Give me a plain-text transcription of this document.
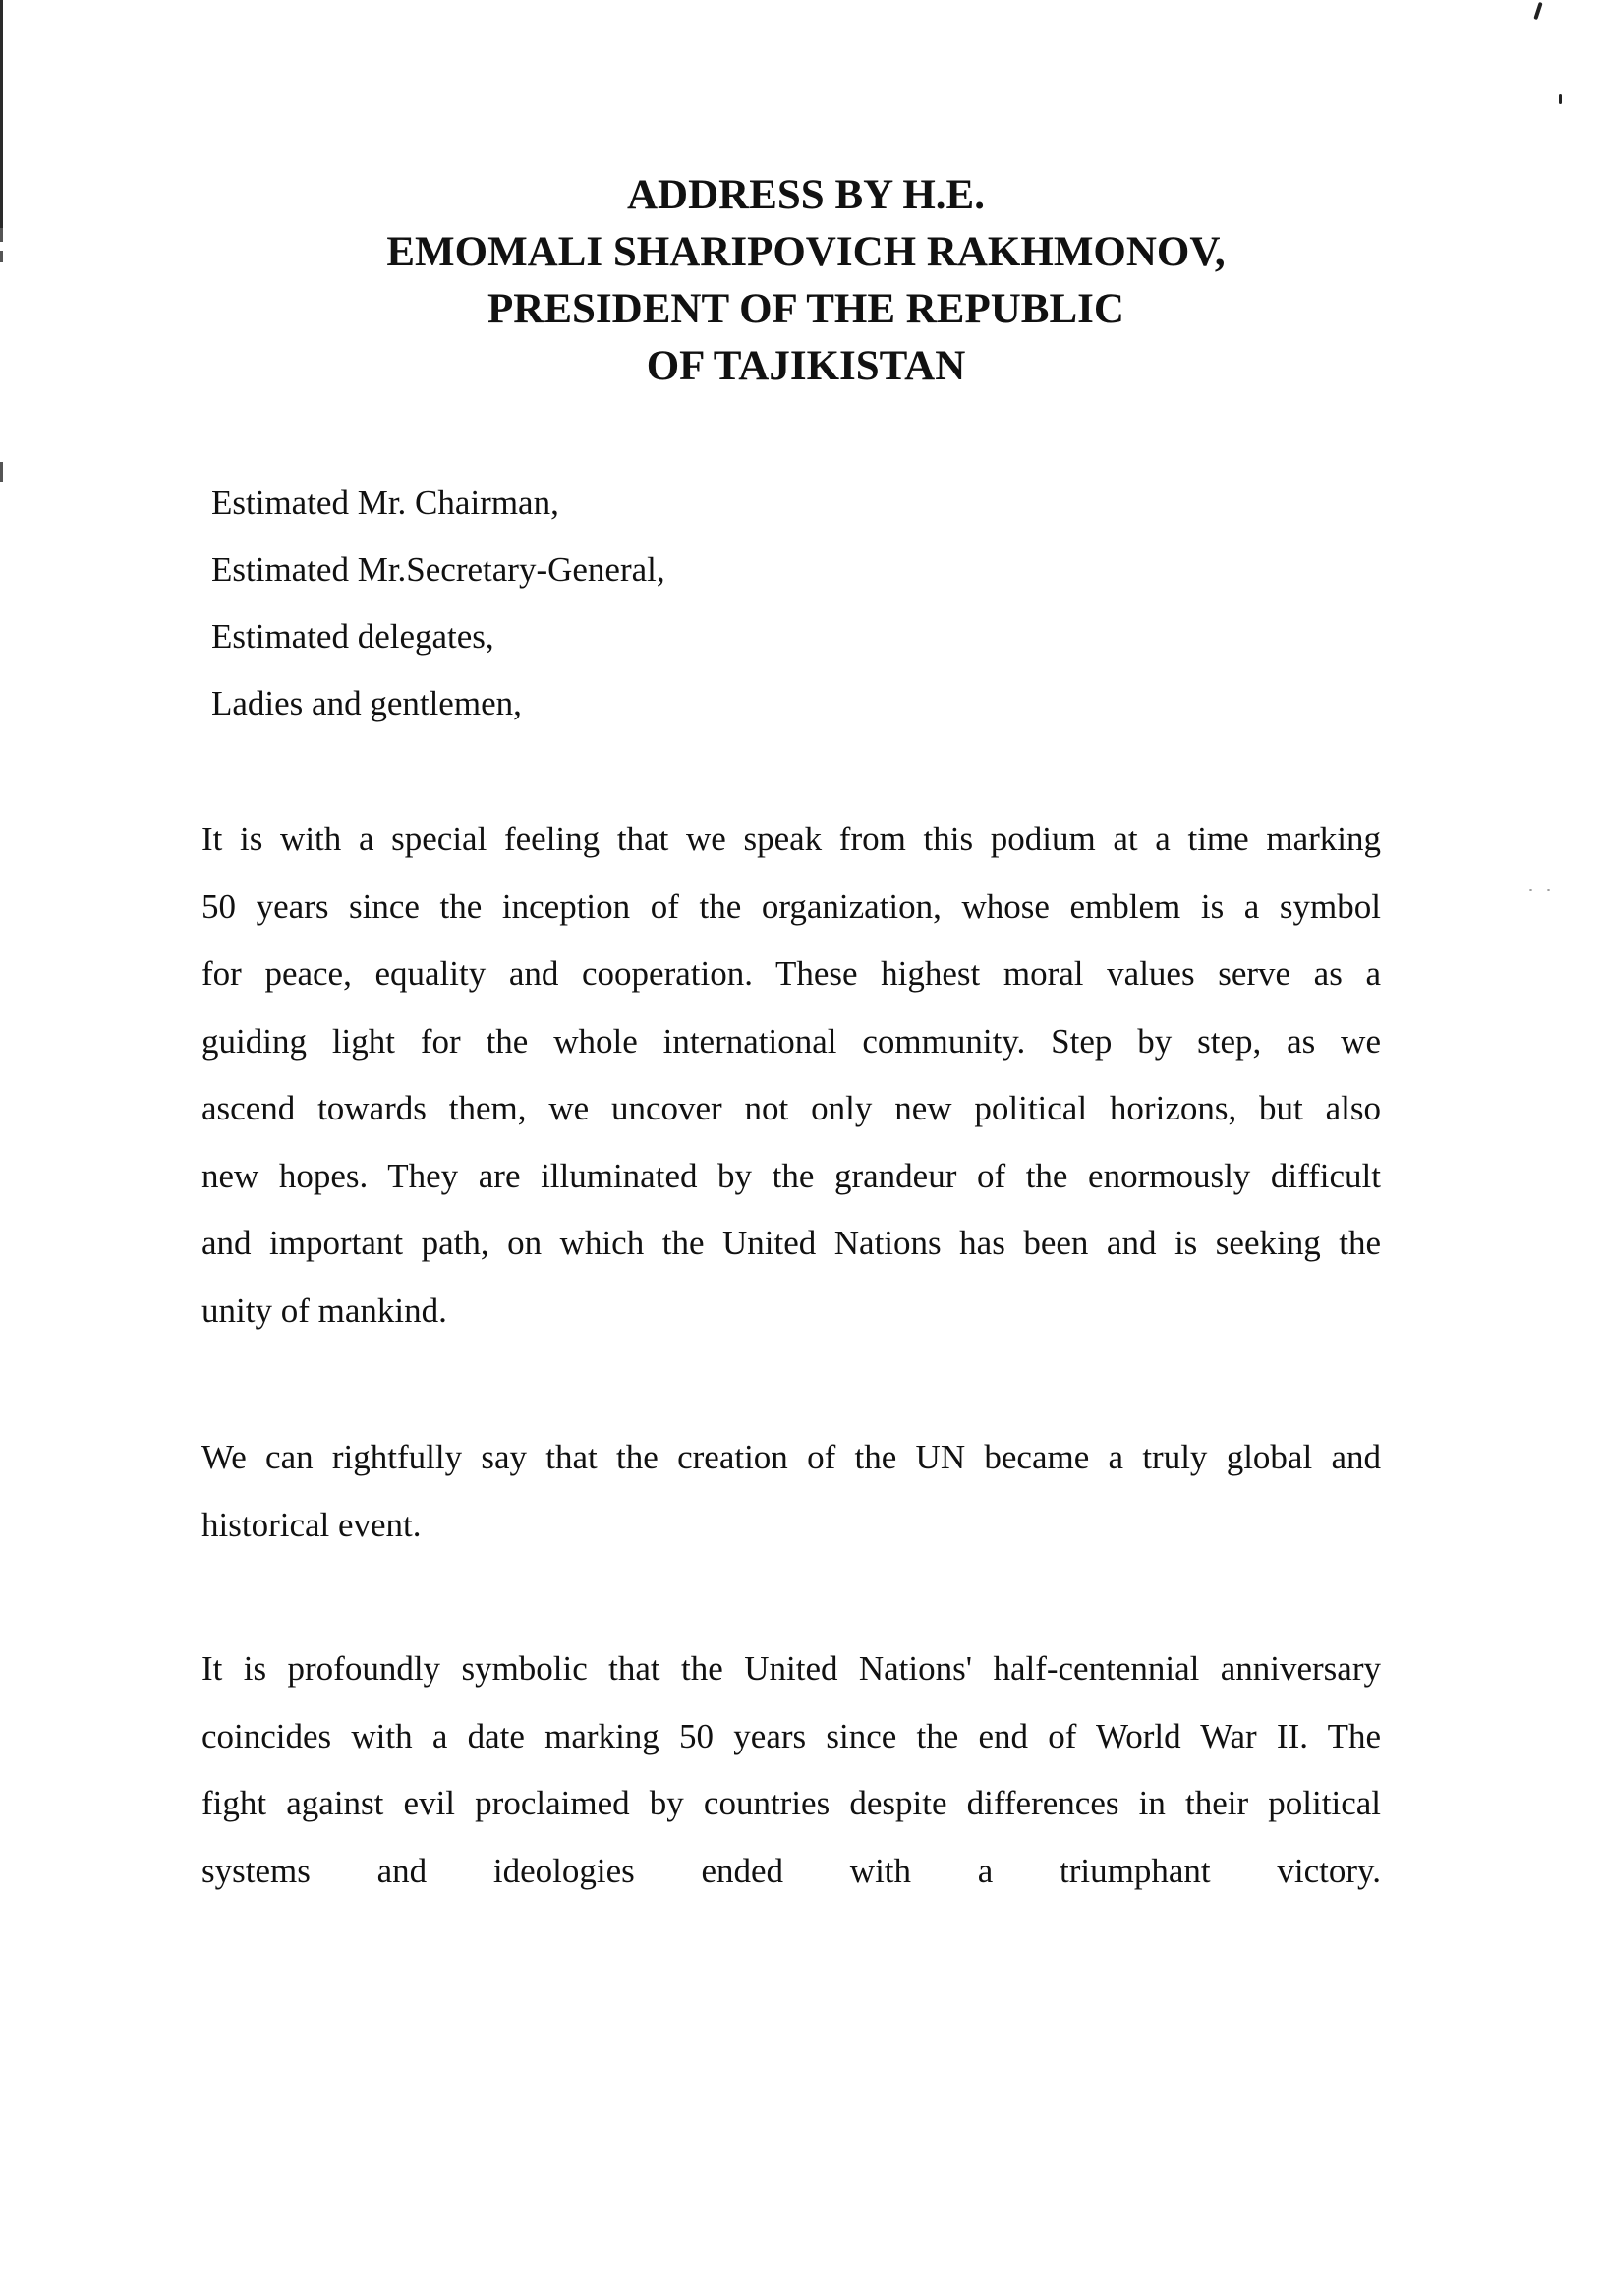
ADDRESS BY H.E.
EMOMALI SHARIPOVICH RAKHMONOV,
PRESIDENT OF THE REPUBLIC
OF TAJIKISTAN
Estimated Mr. Chairman,
Estimated Mr.Secretary-General,
Estimated delegates,
Ladies and gentlemen,
It is with a special feeling that we speak from this podium at a time marking
50 years since the inception of the organization, whose emblem is a symbol
for peace, equality and cooperation. These highest moral values serve as a
guiding light for the whole international community. Step by step, as we
ascend towards them, we uncover not only new political horizons, but also
new hopes. They are illuminated by the grandeur of the enormously difficult
and important path, on which the United Nations has been and is seeking the
unity of mankind.
We can rightfully say that the creation of the UN became a truly global and
historical event.
It is profoundly symbolic that the United Nations' half-centennial anniversary
coincides with a date marking 50 years since the end of World War II. The
fight against evil proclaimed by countries despite differences in their political
systems and ideologies ended with a triumphant victory.
